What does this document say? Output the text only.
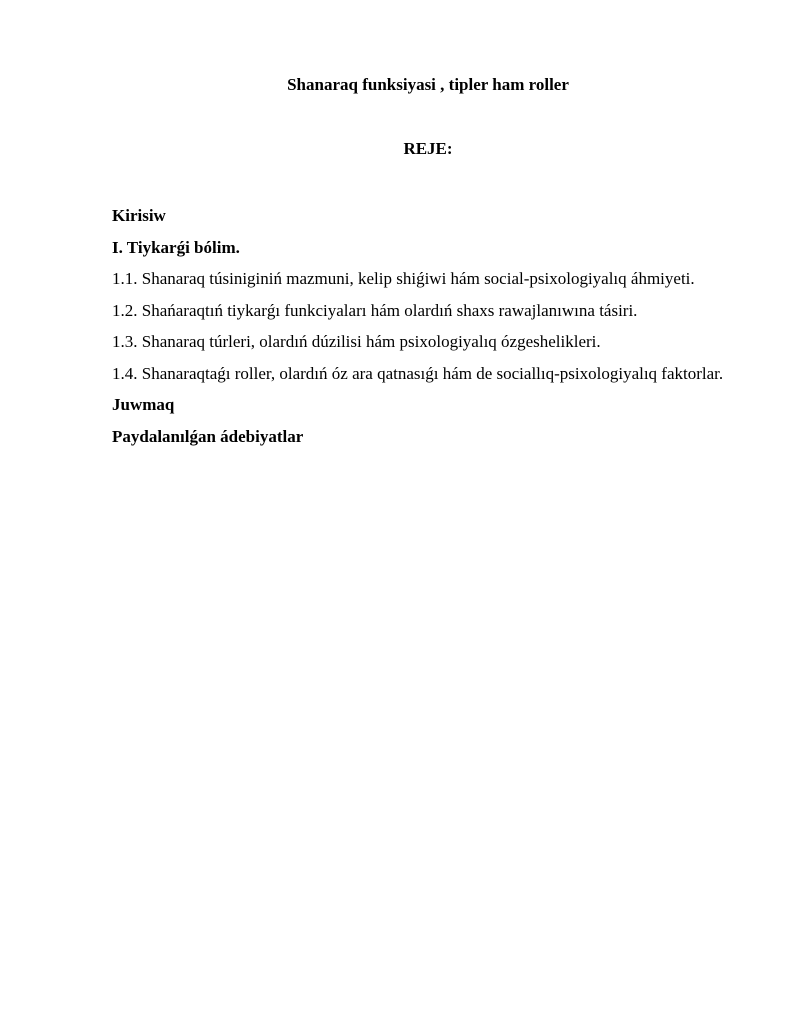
Shanaraq funksiyasi , tipler ham roller

REJE:

Kirisiw

I. Tiykarǵi bólim.

1.1. Shanaraq túsiniginiń mazmuni, kelip shiǵiwi hám social-psixologiyalıq áhmiyeti.

1.2. Shańaraqtıń tiykarǵı funkciyaları hám olardıń shaxs rawajlanıwına tásiri.

1.3. Shanaraq túrleri, olardıń dúzilisi hám psixologiyalıq ózgeshelikleri.

1.4. Shanaraqtaǵı roller, olardıń óz ara qatnasıǵı hám de sociallıq-psixologiyalıq faktorlar.

Juwmaq

Paydalanılǵan ádebiyatlar
